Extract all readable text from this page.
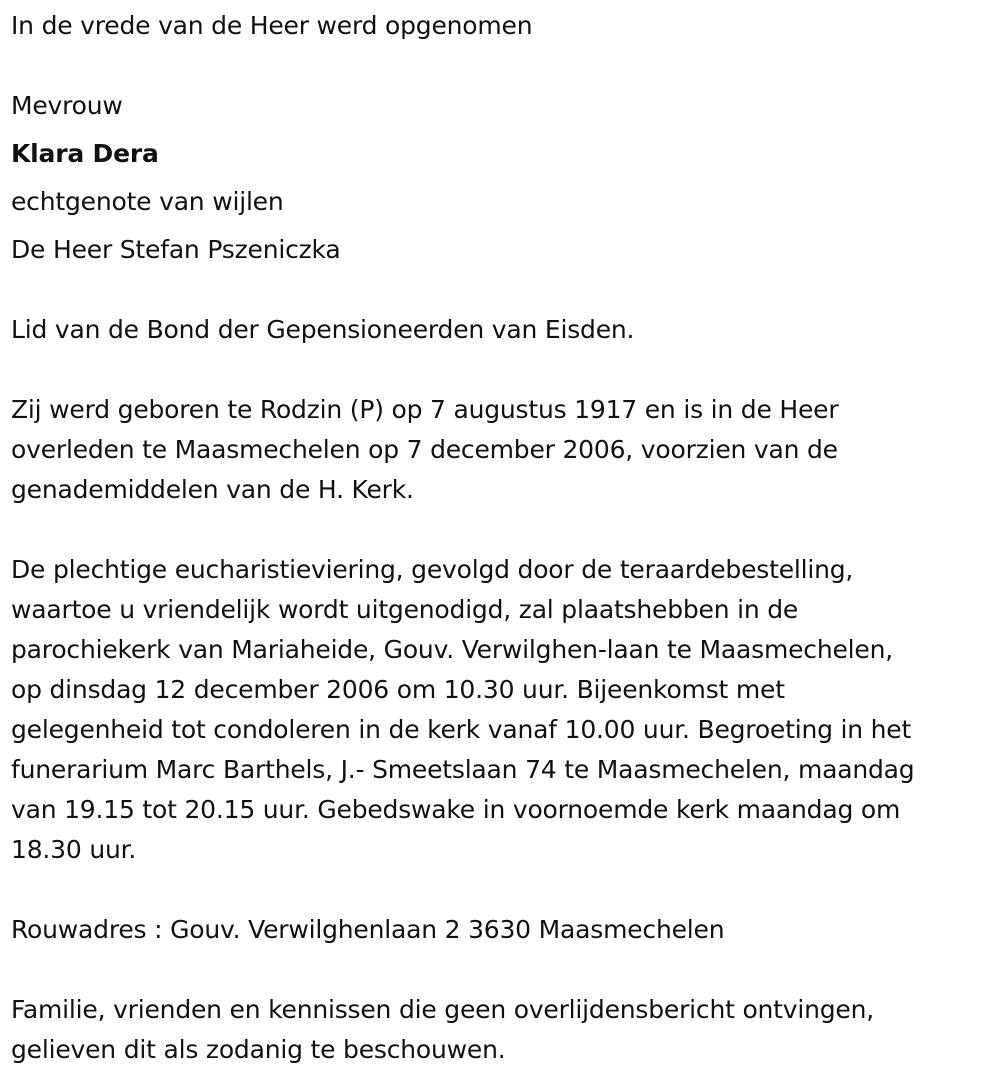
In de vrede van de Heer werd opgenomen

Mevrouw

Klara Dera

echtgenote van wijlen

De Heer Stefan Pszeniczka

Lid van de Bond der Gepensioneerden van Eisden.

Zij werd geboren te Rodzin (P) op 7 augustus 1917 en is in de Heer
overleden te Maasmechelen op 7 december 2006, voorzien van de
genademiddelen van de H. Kerk.
De plechtige eucharistieviering, gevolgd door de teraardebestelling,
waartoe u vriendelijk wordt uitgenodigd, zal plaatshebben in de
parochiekerk van Mariaheide, Gouv. Verwilghen-laan te Maasmechelen,
op dinsdag 12 december 2006 om 10.30 uur. Bijeenkomst met
gelegenheid tot condoleren in de kerk vanaf 10.00 uur. Begroeting in het
funerarium Marc Barthels, J.- Smeetslaan 74 te Maasmechelen, maandag
van 19.15 tot 20.15 uur. Gebedswake in voornoemde kerk maandag om
18.30 uur.

Rouwadres : Gouv. Verwilghenlaan 2 3630 Maasmechelen

Familie, vrienden en kennissen die geen overlijdensbericht ontvingen,
gelieven dit als zodanig te beschouwen.
